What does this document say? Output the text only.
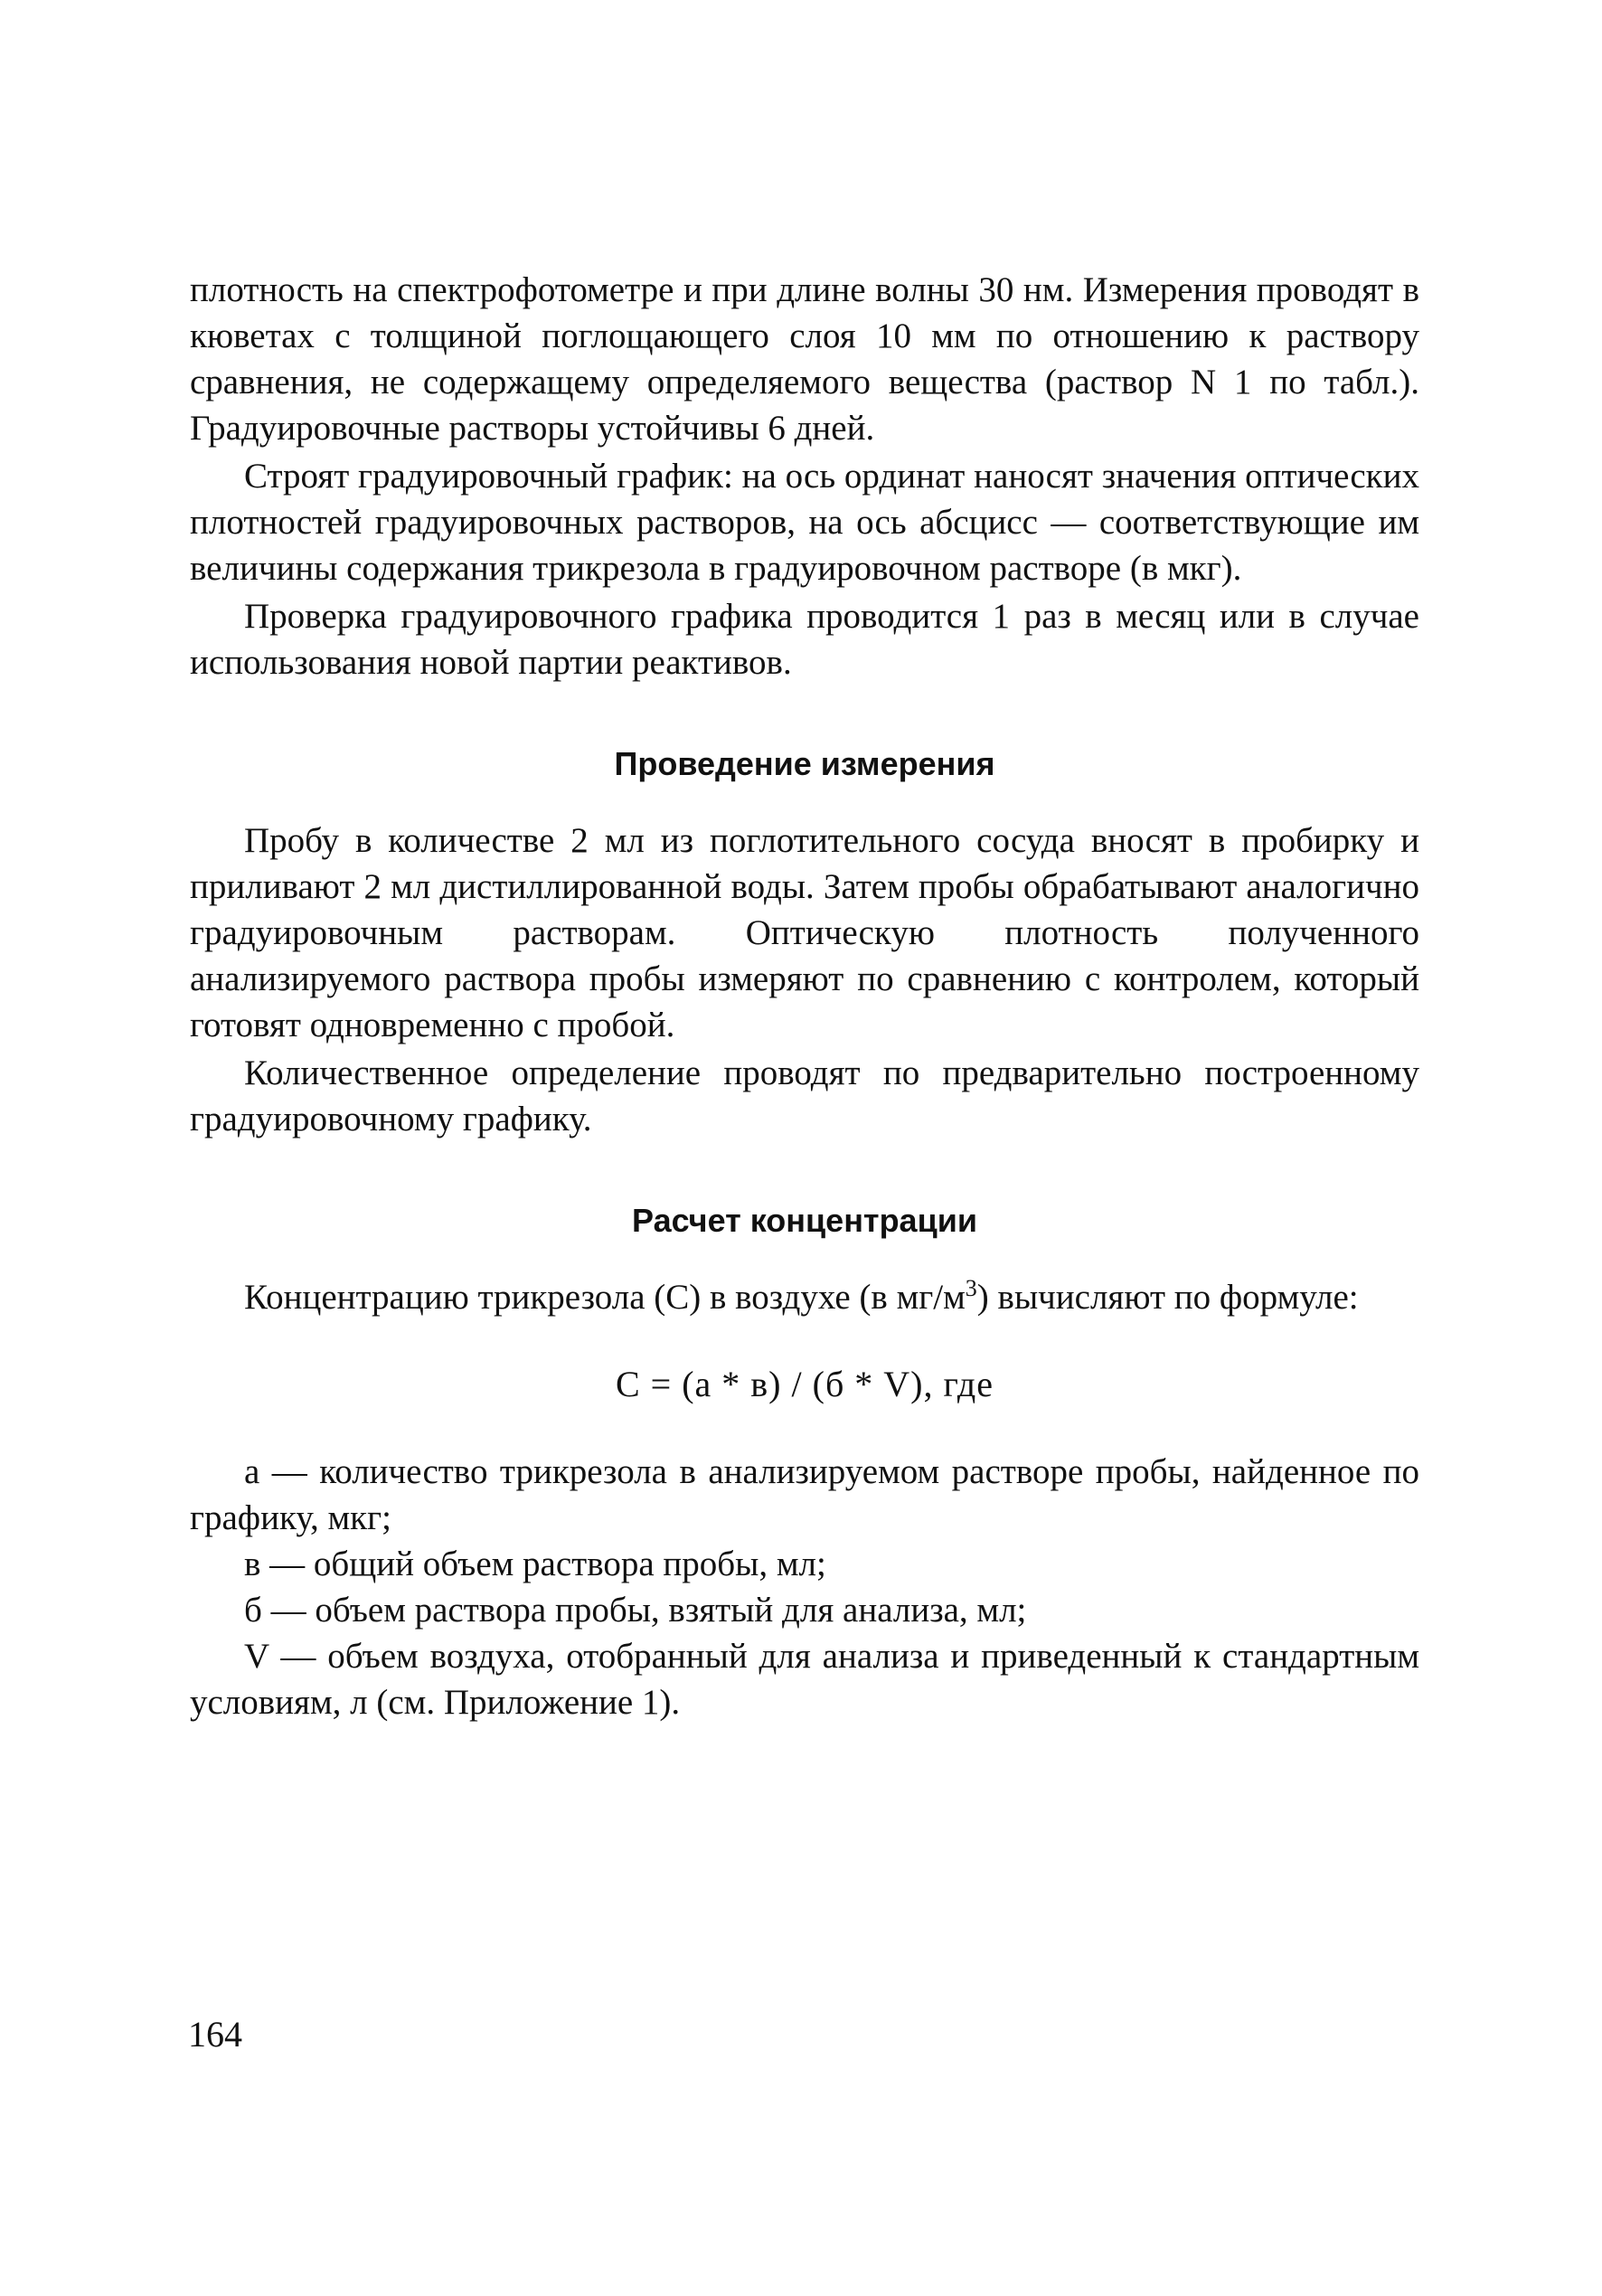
плотность на спектрофотометре и при длине волны 30 нм. Измерения проводят в кюветах с толщиной поглощающего слоя 10 мм по отношению к раствору сравнения, не содержащему определяемого вещества (раствор N 1 по табл.). Градуировочные растворы устойчивы 6 дней.

Строят градуировочный график: на ось ординат наносят значения оптических плотностей градуировочных растворов, на ось абсцисс — соответствующие им величины содержания трикрезола в градуировочном растворе (в мкг).

Проверка градуировочного графика проводится 1 раз в месяц или в случае использования новой партии реактивов.

Проведение измерения

Пробу в количестве 2 мл из поглотительного сосуда вносят в пробирку и приливают 2 мл дистиллированной воды. Затем пробы обрабатывают аналогично градуировочным растворам. Оптическую плотность полученного анализируемого раствора пробы измеряют по сравнению с контролем, который готовят одновременно с пробой.

Количественное определение проводят по предварительно построенному градуировочному графику.

Расчет концентрации

Концентрацию трикрезола (С) в воздухе (в $мг/м^3$) вычисляют по формуле:

С = (а * в) / (б * V), где

а — количество трикрезола в анализируемом растворе пробы, найденное по графику, мкг;

в — общий объем раствора пробы, мл;

б — объем раствора пробы, взятый для анализа, мл;

V — объем воздуха, отобранный для анализа и приведенный к стандартным условиям, л (см. Приложение 1).

164
